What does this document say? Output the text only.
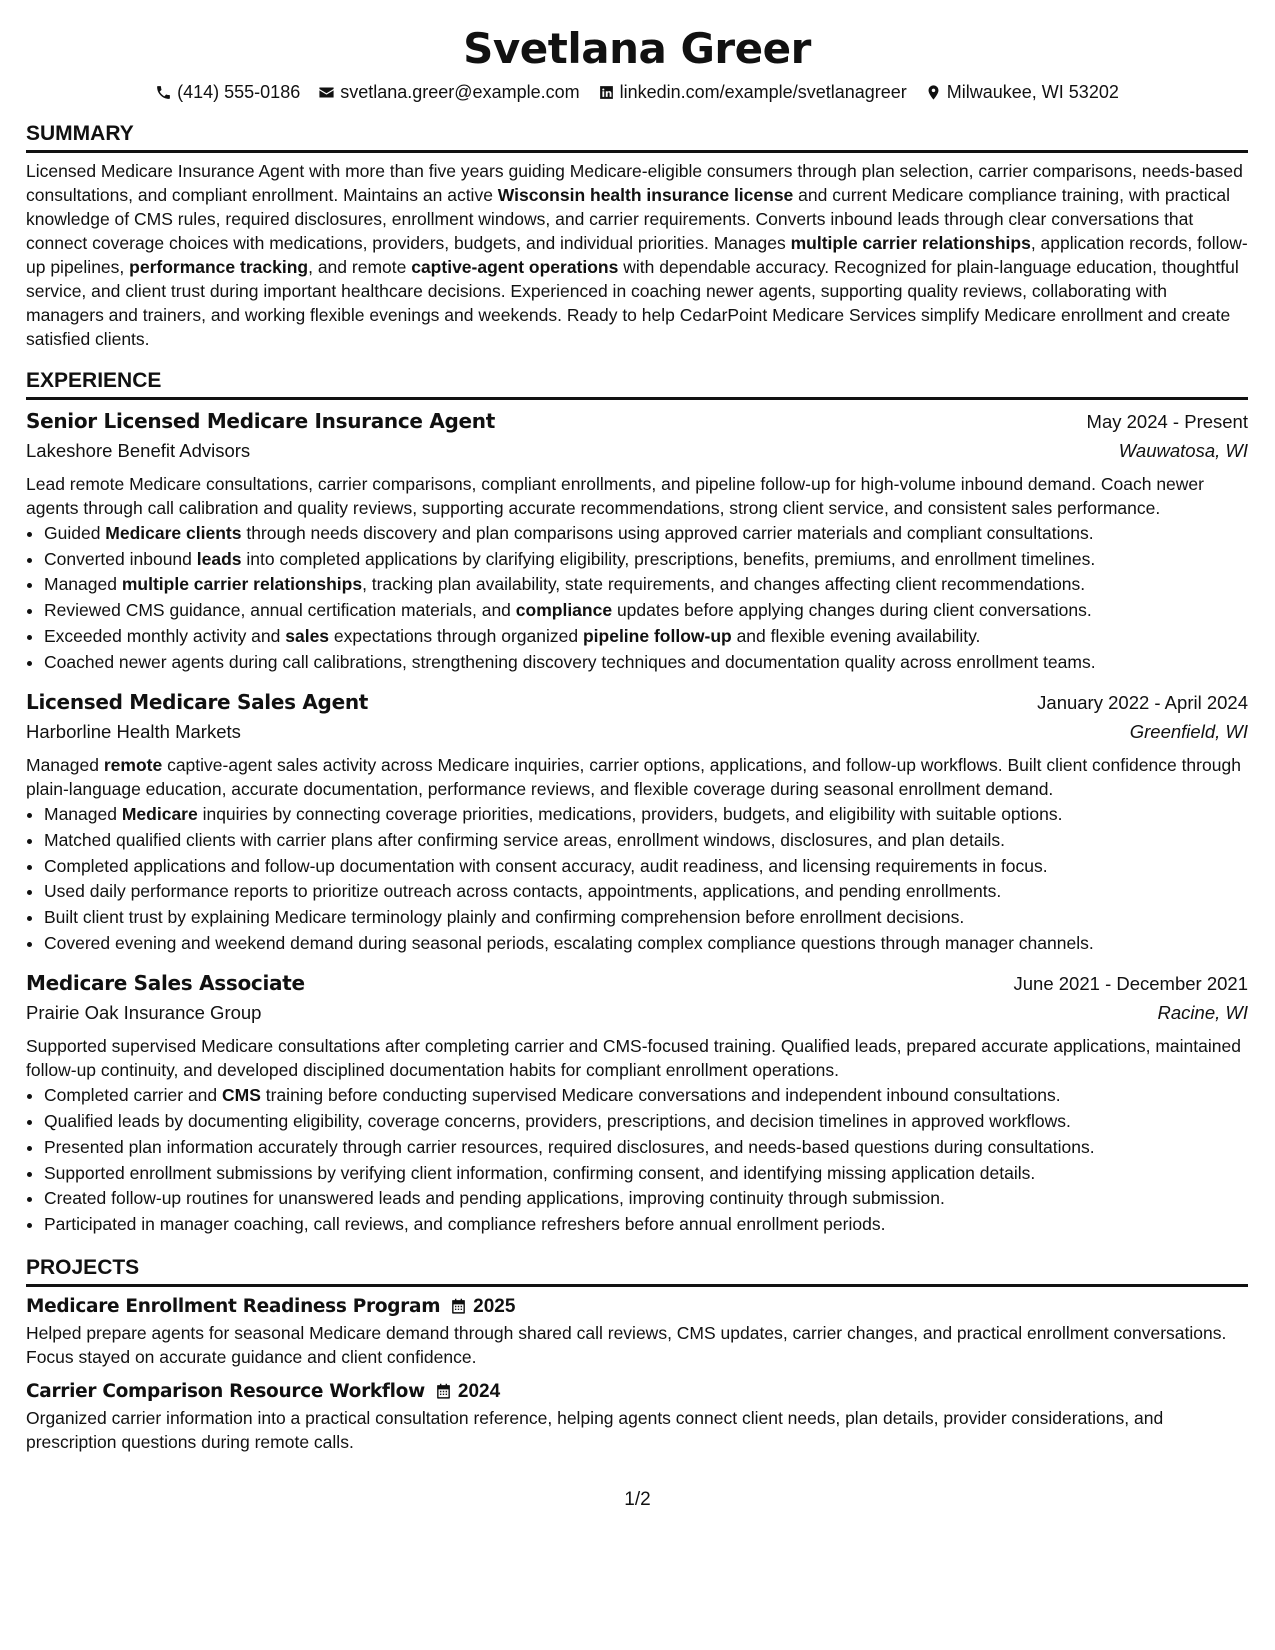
Svetlana Greer
(414) 555-0186 svetlana.greer@example.com linkedin.com/example/svetlanagreer Milwaukee, WI 53202
SUMMARY

Licensed Medicare Insurance Agent with more than five years guiding Medicare-eligible consumers through plan selection, carrier comparisons, needs-based consultations, and compliant enrollment. Maintains an active Wisconsin health insurance license and current Medicare compliance training, with practical knowledge of CMS rules, required disclosures, enrollment windows, and carrier requirements. Converts inbound leads through clear conversations that connect coverage choices with medications, providers, budgets, and individual priorities. Manages multiple carrier relationships, application records, follow-up pipelines, performance tracking, and remote captive-agent operations with dependable accuracy. Recognized for plain-language education, thoughtful service, and client trust during important healthcare decisions. Experienced in coaching newer agents, supporting quality reviews, collaborating with managers and trainers, and working flexible evenings and weekends. Ready to help CedarPoint Medicare Services simplify Medicare enrollment and create satisfied clients.

EXPERIENCE
Senior Licensed Medicare Insurance Agent	May 2024 - Present
Lakeshore Benefit Advisors	Wauwatosa, WI

Lead remote Medicare consultations, carrier comparisons, compliant enrollments, and pipeline follow-up for high-volume inbound demand. Coach newer agents through call calibration and quality reviews, supporting accurate recommendations, strong client service, and consistent sales performance.

• Guided Medicare clients through needs discovery and plan comparisons using approved carrier materials and compliant consultations.
• Converted inbound leads into completed applications by clarifying eligibility, prescriptions, benefits, premiums, and enrollment timelines.
• Managed multiple carrier relationships, tracking plan availability, state requirements, and changes affecting client recommendations.
• Reviewed CMS guidance, annual certification materials, and compliance updates before applying changes during client conversations.
• Exceeded monthly activity and sales expectations through organized pipeline follow-up and flexible evening availability.
• Coached newer agents during call calibrations, strengthening discovery techniques and documentation quality across enrollment teams.
Licensed Medicare Sales Agent	January 2022 - April 2024
Harborline Health Markets	Greenfield, WI

Managed remote captive-agent sales activity across Medicare inquiries, carrier options, applications, and follow-up workflows. Built client confidence through plain-language education, accurate documentation, performance reviews, and flexible coverage during seasonal enrollment demand.

• Managed Medicare inquiries by connecting coverage priorities, medications, providers, budgets, and eligibility with suitable options.
• Matched qualified clients with carrier plans after confirming service areas, enrollment windows, disclosures, and plan details.
• Completed applications and follow-up documentation with consent accuracy, audit readiness, and licensing requirements in focus.
• Used daily performance reports to prioritize outreach across contacts, appointments, applications, and pending enrollments.
• Built client trust by explaining Medicare terminology plainly and confirming comprehension before enrollment decisions.
• Covered evening and weekend demand during seasonal periods, escalating complex compliance questions through manager channels.
Medicare Sales Associate	June 2021 - December 2021
Prairie Oak Insurance Group	Racine, WI

Supported supervised Medicare consultations after completing carrier and CMS-focused training. Qualified leads, prepared accurate applications, maintained follow-up continuity, and developed disciplined documentation habits for compliant enrollment operations.

• Completed carrier and CMS training before conducting supervised Medicare conversations and independent inbound consultations.
• Qualified leads by documenting eligibility, coverage concerns, providers, prescriptions, and decision timelines in approved workflows.
• Presented plan information accurately through carrier resources, required disclosures, and needs-based questions during consultations.
• Supported enrollment submissions by verifying client information, confirming consent, and identifying missing application details.
• Created follow-up routines for unanswered leads and pending applications, improving continuity through submission.
• Participated in manager coaching, call reviews, and compliance refreshers before annual enrollment periods.
PROJECTS
Medicare Enrollment Readiness Program 2025

Helped prepare agents for seasonal Medicare demand through shared call reviews, CMS updates, carrier changes, and practical enrollment conversations. Focus stayed on accurate guidance and client confidence.

Carrier Comparison Resource Workflow 2024

Organized carrier information into a practical consultation reference, helping agents connect client needs, plan details, provider considerations, and prescription questions during remote calls.

1/2
